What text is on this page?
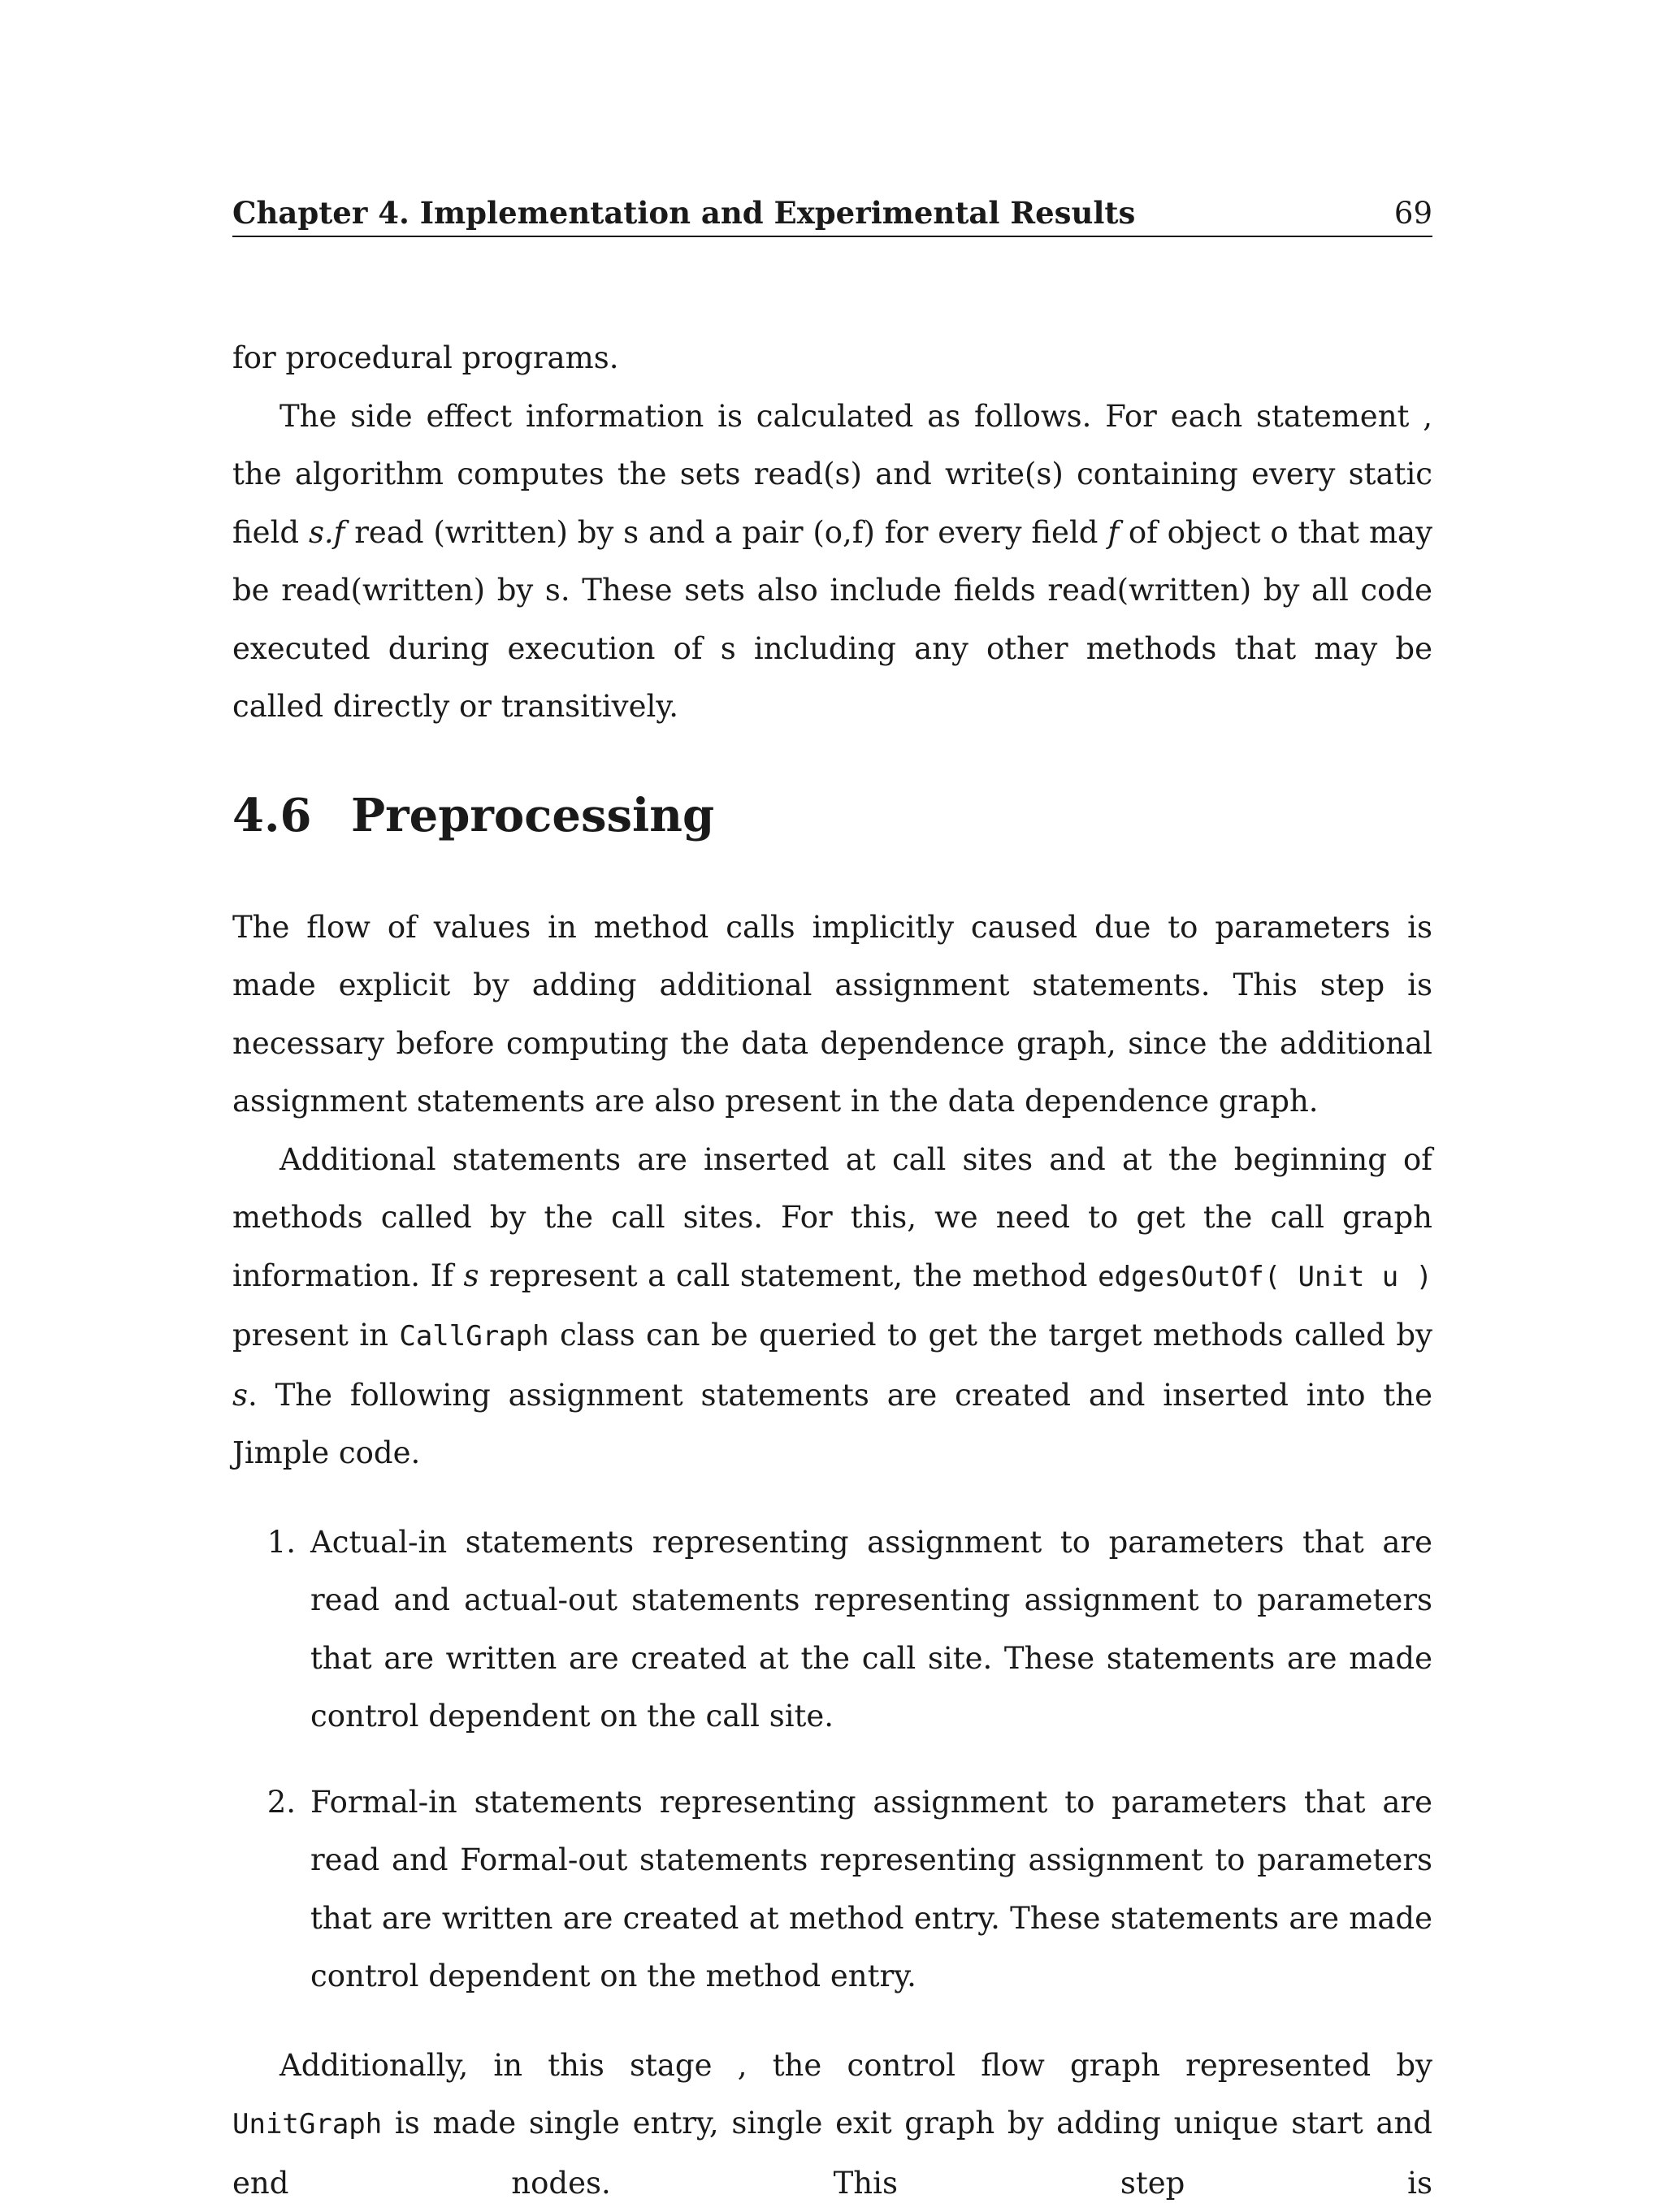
Chapter 4. Implementation and Experimental Results	69

for procedural programs.

The side effect information is calculated as follows. For each statement , the algorithm computes the sets read(s) and write(s) containing every static field s.f read (written) by s and a pair (o,f) for every field f of object o that may be read(written) by s. These sets also include fields read(written) by all code executed during execution of s including any other methods that may be called directly or transitively.

4.6 Preprocessing

The flow of values in method calls implicitly caused due to parameters is made explicit by adding additional assignment statements. This step is necessary before computing the data dependence graph, since the additional assignment statements are also present in the data dependence graph.

Additional statements are inserted at call sites and at the beginning of methods called by the call sites. For this, we need to get the call graph information. If s represent a call statement, the method edgesOutOf( Unit u ) present in CallGraph class can be queried to get the target methods called by s. The following assignment statements are created and inserted into the Jimple code.

1. Actual-in statements representing assignment to parameters that are read and actual-out statements representing assignment to parameters that are written are created at the call site. These statements are made control dependent on the call site.
2. Formal-in statements representing assignment to parameters that are read and Formal-out statements representing assignment to parameters that are written are created at method entry. These statements are made control dependent on the method entry.

Additionally, in this stage , the control flow graph represented by UnitGraph is made single entry, single exit graph by adding unique start and end nodes. This step is
